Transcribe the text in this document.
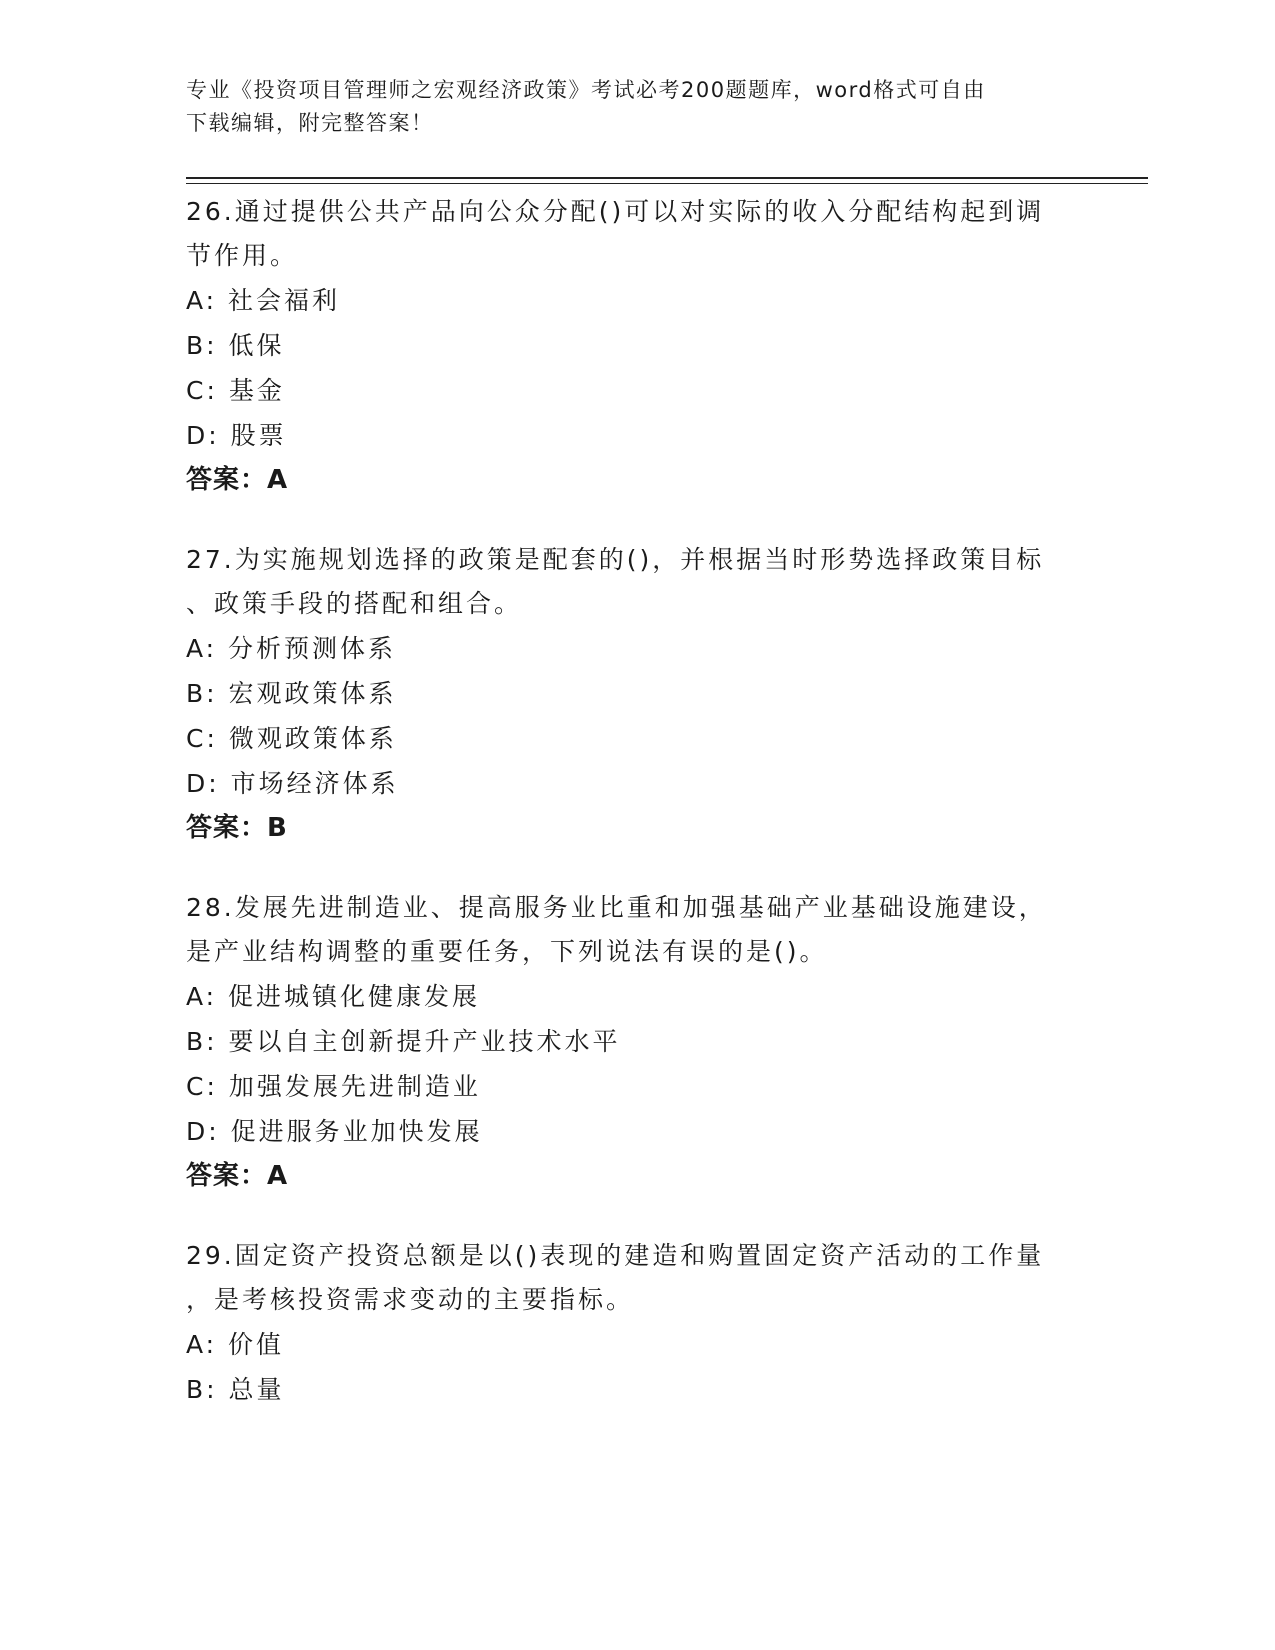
专业《投资项目管理师之宏观经济政策》考试必考200题题库，word格式可自由
下载编辑，附完整答案！

26.通过提供公共产品向公众分配()可以对实际的收入分配结构起到调

节作用。

A: 社会福利
B: 低保
C: 基金
D: 股票
答案：A

27.为实施规划选择的政策是配套的()，并根据当时形势选择政策目标

、政策手段的搭配和组合。

A: 分析预测体系
B: 宏观政策体系
C: 微观政策体系
D: 市场经济体系
答案：B

28.发展先进制造业、提高服务业比重和加强基础产业基础设施建设，

是产业结构调整的重要任务，下列说法有误的是()。

A: 促进城镇化健康发展
B: 要以自主创新提升产业技术水平
C: 加强发展先进制造业
D: 促进服务业加快发展
答案：A

29.固定资产投资总额是以()表现的建造和购置固定资产活动的工作量

，是考核投资需求变动的主要指标。

A: 价值
B: 总量
